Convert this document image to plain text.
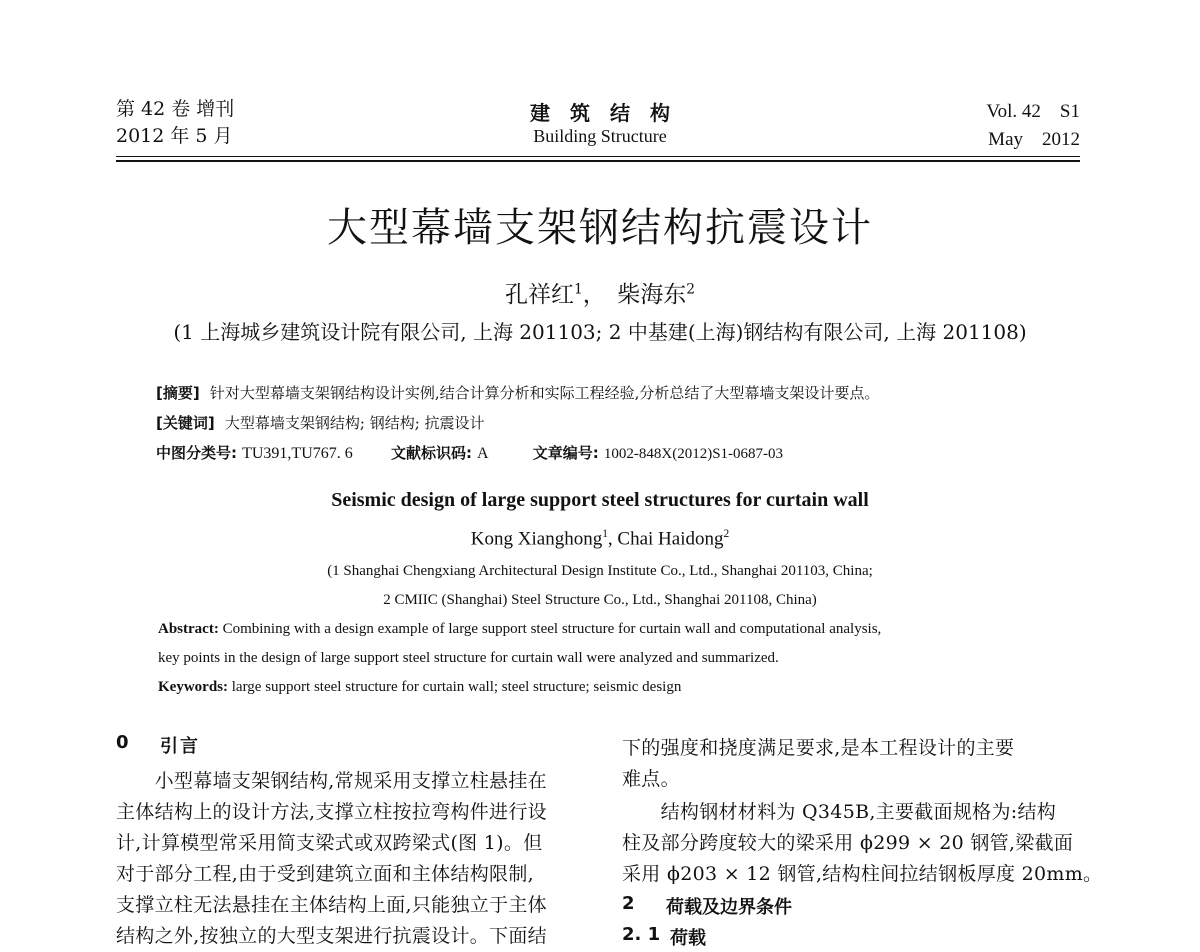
第 42 卷 增刊
2012 年 5 月
建　筑　结　构
Building Structure
Vol. 42　S1
May　2012
大型幕墙支架钢结构抗震设计
孔祥红$^1$，　柴海东$^2$
(1 上海城乡建筑设计院有限公司, 上海 201103; 2 中基建(上海)钢结构有限公司, 上海 201108)
[摘要] 针对大型幕墙支架钢结构设计实例,结合计算分析和实际工程经验,分析总结了大型幕墙支架设计要点。
[关键词] 大型幕墙支架钢结构; 钢结构; 抗震设计
中图分类号: TU391,TU767. 6	文献标识码: A	文章编号: 1002-848X(2012)S1-0687-03
Seismic design of large support steel structures for curtain wall
Kong Xianghong$^1$, Chai Haidong$^2$
(1 Shanghai Chengxiang Architectural Design Institute Co., Ltd., Shanghai 201103, China;
2 CMIIC (Shanghai) Steel Structure Co., Ltd., Shanghai 201108, China)
Abstract: Combining with a design example of large support steel structure for curtain wall and computational analysis,
key points in the design of large support steel structure for curtain wall were analyzed and summarized.
Keywords: large support steel structure for curtain wall; steel structure; seismic design
0 引言
　　小型幕墙支架钢结构,常规采用支撑立柱悬挂在
主体结构上的设计方法,支撑立柱按拉弯构件进行设
计,计算模型常采用简支梁式或双跨梁式(图 1)。但
对于部分工程,由于受到建筑立面和主体结构限制,
支撑立柱无法悬挂在主体结构上面,只能独立于主体
结构之外,按独立的大型支架进行抗震设计。下面结
下的强度和挠度满足要求,是本工程设计的主要
难点。
　　结构钢材材料为 Q345B,主要截面规格为:结构
柱及部分跨度较大的梁采用 ϕ299 × 20 钢管,梁截面
采用 ϕ203 × 12 钢管,结构柱间拉结钢板厚度 20mm。
2 荷载及边界条件
2. 1 荷载
